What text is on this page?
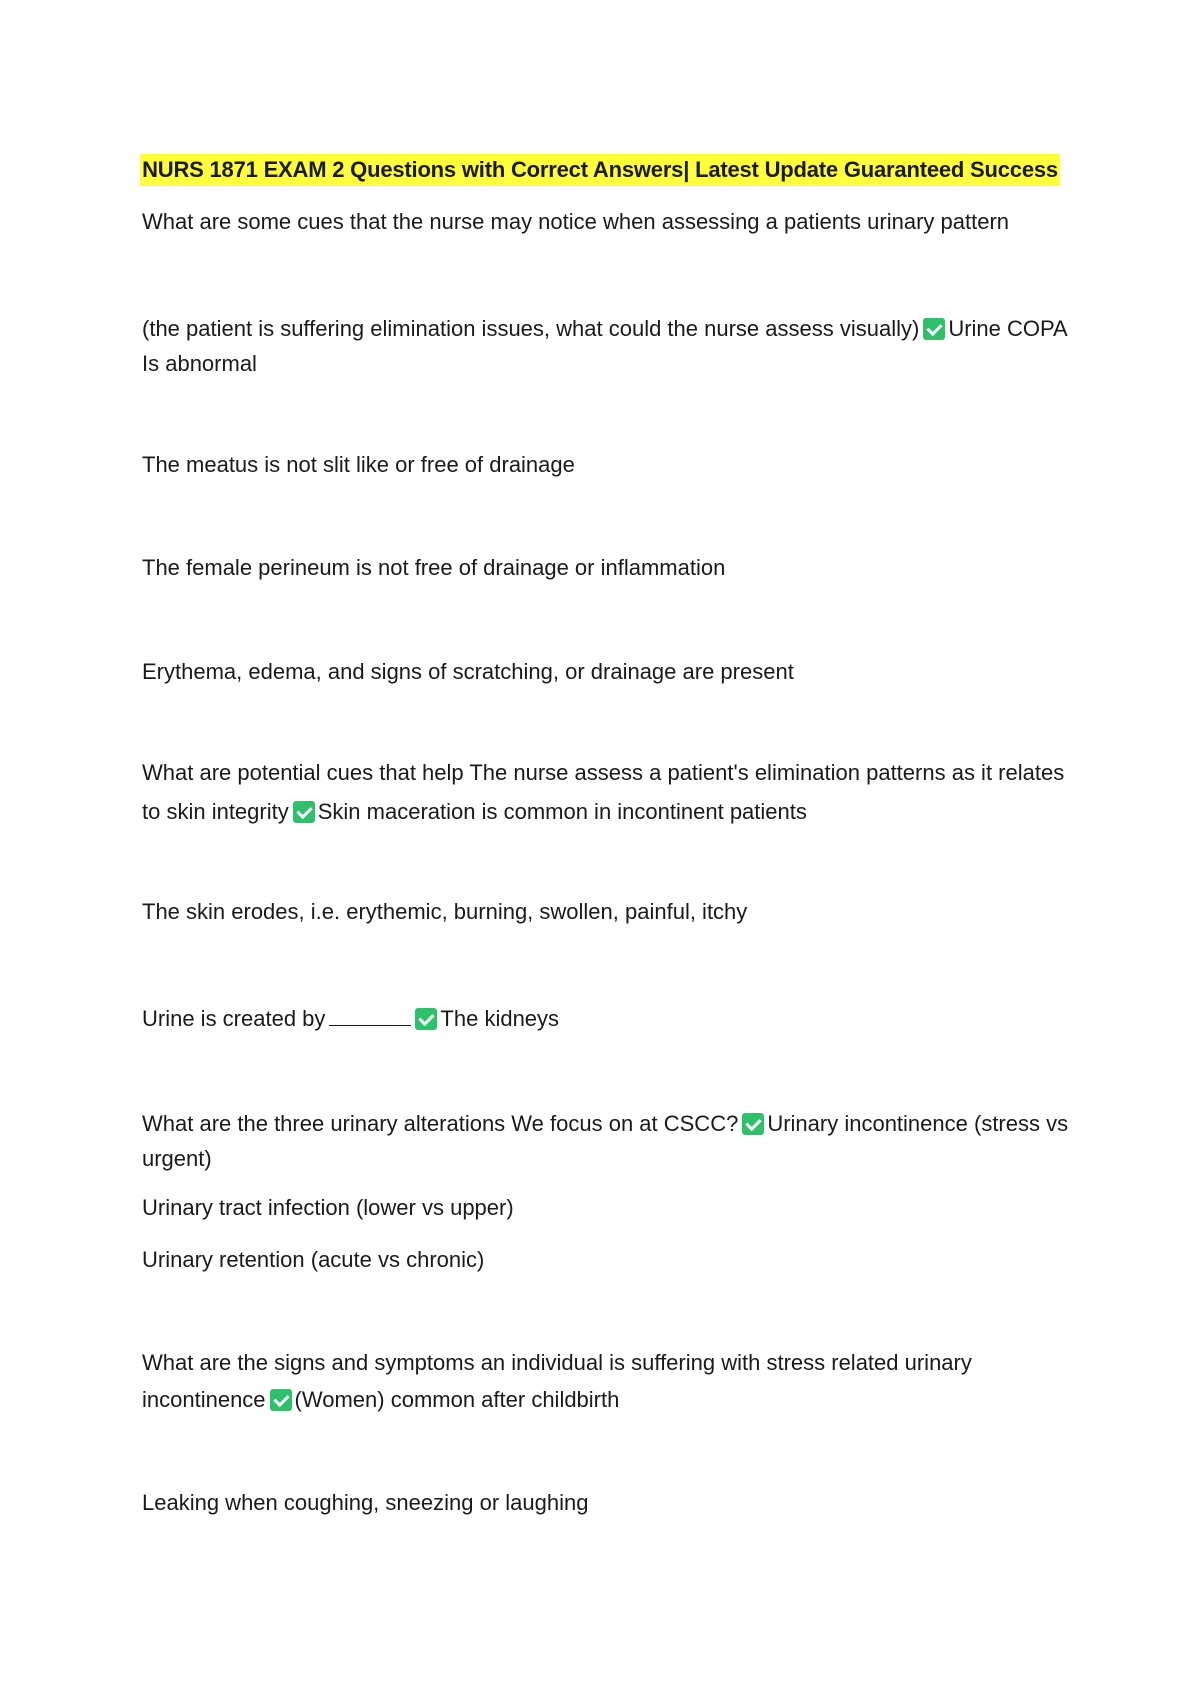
NURS 1871 EXAM 2 Questions with Correct Answers| Latest Update Guaranteed Success
What are some cues that the nurse may notice when assessing a patients urinary pattern
(the patient is suffering elimination issues, what could the nurse assess visually) Urine COPA
Is abnormal
The meatus is not slit like or free of drainage
The female perineum is not free of drainage or inflammation
Erythema, edema, and signs of scratching, or drainage are present
What are potential cues that help The nurse assess a patient's elimination patterns as it relates
to skin integrity Skin maceration is common in incontinent patients
The skin erodes, i.e. erythemic, burning, swollen, painful, itchy
Urine is created by	The kidneys
What are the three urinary alterations We focus on at CSCC? Urinary incontinence (stress vs
urgent)
Urinary tract infection (lower vs upper)
Urinary retention (acute vs chronic)
What are the signs and symptoms an individual is suffering with stress related urinary
incontinence (Women) common after childbirth
Leaking when coughing, sneezing or laughing
